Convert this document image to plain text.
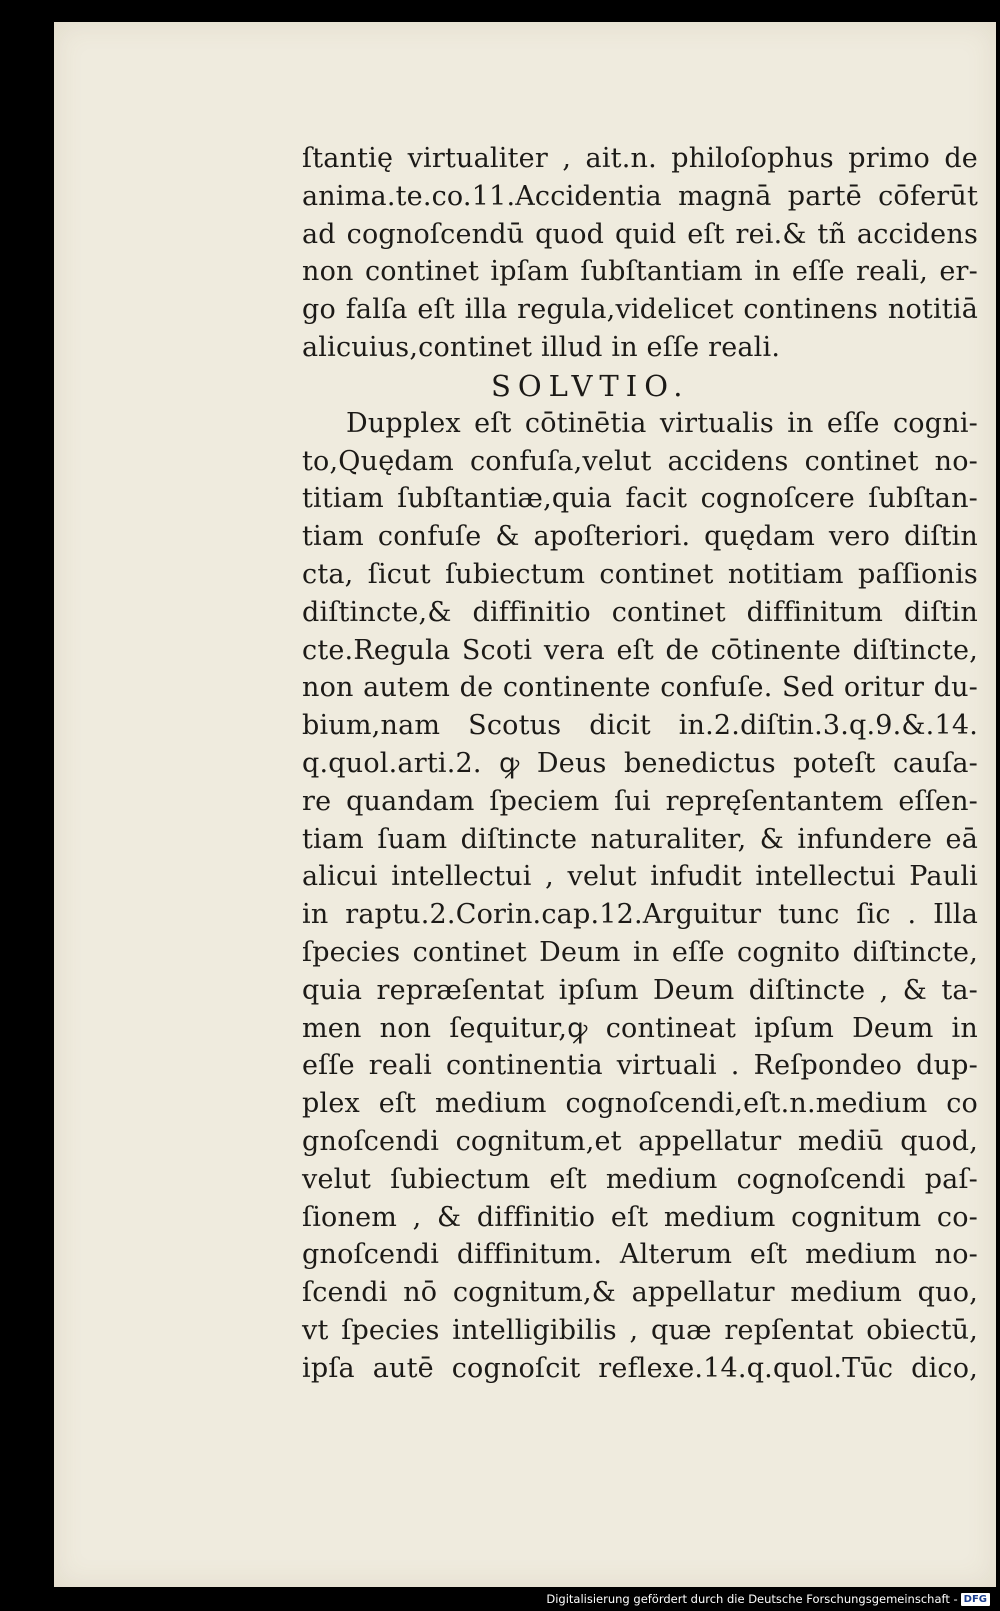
ſtantię virtualiter , ait.n. philoſophus primo de
anima.te.co.11.Accidentia magnā partē cōferūt
ad cognoſcendū quod quid eſt rei.& tñ accidens
non continet ipſam ſubſtantiam in eſſe reali, er-
go falſa eſt illa regula,videlicet continens notitiā
alicuius,continet illud in eſſe reali.
SOLVTIO.
Dupplex eſt cōtinētia virtualis in eſſe cogni-
to,Quędam confuſa,velut accidens continet no-
titiam ſubſtantiæ,quia facit cognoſcere ſubſtan-
tiam confuſe & apoſteriori. quędam vero diſtin
cta, ſicut ſubiectum continet notitiam paſſionis
diſtincte,& diffinitio continet diffinitum diſtin
cte.Regula Scoti vera eſt de cōtinente diſtincte,
non autem de continente confuſe. Sed oritur du-
bium,nam Scotus dicit in.2.diſtin.3.q.9.&.14.
q.quol.arti.2. ꝙ Deus benedictus poteſt cauſa-
re quandam ſpeciem ſui repręſentantem eſſen-
tiam ſuam diſtincte naturaliter, & infundere eā
alicui intellectui , velut infudit intellectui Pauli
in raptu.2.Corin.cap.12.Arguitur tunc ſic . Illa
ſpecies continet Deum in eſſe cognito diſtincte,
quia repræſentat ipſum Deum diſtincte , & ta-
men non ſequitur,ꝙ contineat ipſum Deum in
eſſe reali continentia virtuali . Reſpondeo dup-
plex eſt medium cognoſcendi,eſt.n.medium co
gnoſcendi cognitum,et appellatur mediū quod,
velut ſubiectum eſt medium cognoſcendi paſ-
ſionem , & diffinitio eſt medium cognitum co-
gnoſcendi diffinitum. Alterum eſt medium no-
ſcendi nō cognitum,& appellatur medium quo,
vt ſpecies intelligibilis , quæ repſentat obiectū,
ipſa autē cognoſcit reflexe.14.q.quol.Tūc dico,
Digitalisierung gefördert durch die Deutsche Forschungsgemeinschaft - DFG
